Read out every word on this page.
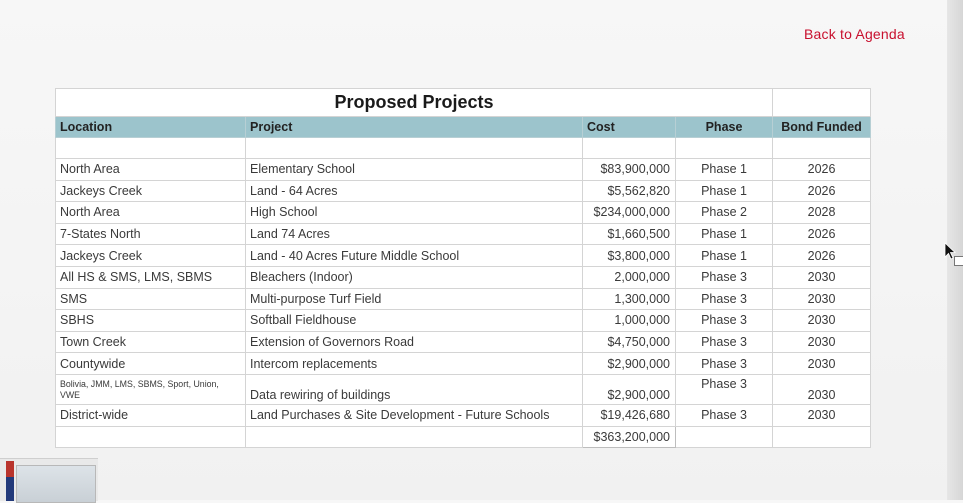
Back to Agenda
Proposed Projects				
Location	Project	Cost	Phase	Bond Funded

North Area	Elementary School	$83,900,000	Phase 1	2026
Jackeys Creek	Land - 64 Acres	$5,562,820	Phase 1	2026
North Area	High School	$234,000,000	Phase 2	2028
7-States North	Land 74 Acres	$1,660,500	Phase 1	2026
Jackeys Creek	Land - 40 Acres Future Middle School	$3,800,000	Phase 1	2026
All HS & SMS, LMS, SBMS	Bleachers (Indoor)	2,000,000	Phase 3	2030
SMS	Multi-purpose Turf Field	1,300,000	Phase 3	2030
SBHS	Softball Fieldhouse	1,000,000	Phase 3	2030
Town Creek	Extension of Governors Road	$4,750,000	Phase 3	2030
Countywide	Intercom replacements	$2,900,000	Phase 3	2030
Bolivia, JMM, LMS, SBMS, Sport, Union, VWE	Data rewiring of buildings	$2,900,000	Phase 3	2030
District-wide	Land Purchases & Site Development - Future Schools	$19,426,680	Phase 3	2030
		$363,200,000		
